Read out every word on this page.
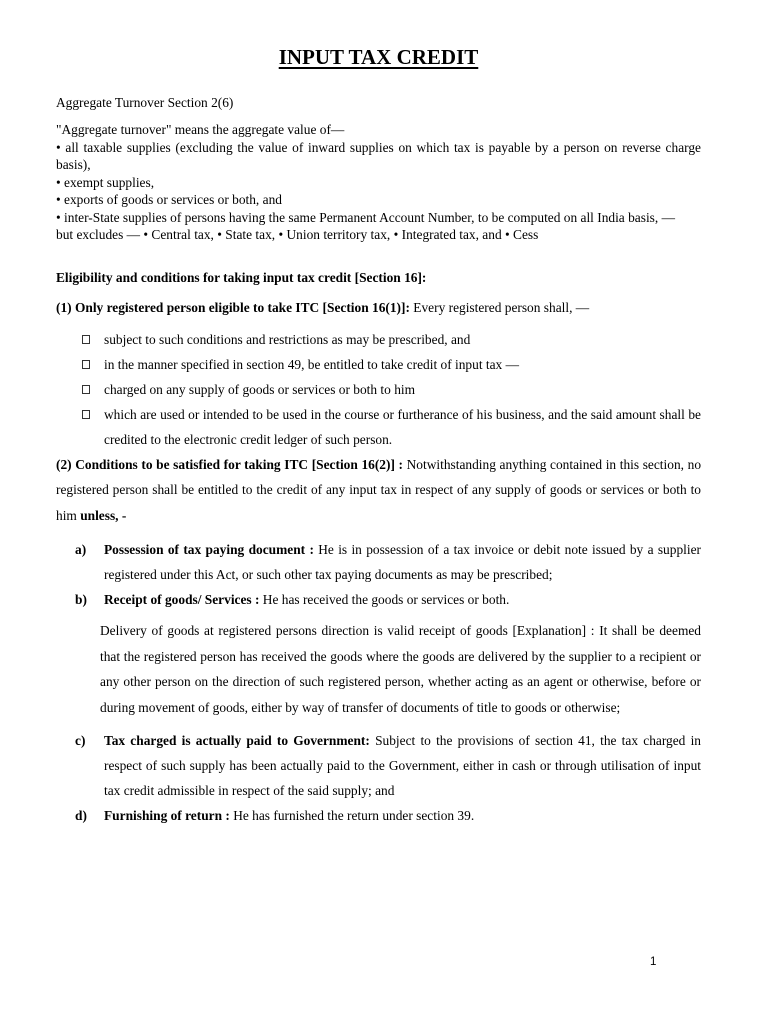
INPUT TAX CREDIT
Aggregate Turnover Section 2(6)
"Aggregate turnover" means the aggregate value of—
• all taxable supplies (excluding the value of inward supplies on which tax is payable by a person on reverse charge basis),
• exempt supplies,
• exports of goods or services or both, and
• inter-State supplies of persons having the same Permanent Account Number, to be computed on all India basis, —
but excludes — • Central tax, • State tax, • Union territory tax, • Integrated tax, and • Cess
Eligibility and conditions for taking input tax credit [Section 16]:
(1) Only registered person eligible to take ITC [Section 16(1)]: Every registered person shall, —
subject to such conditions and restrictions as may be prescribed, and
in the manner specified in section 49, be entitled to take credit of input tax —
charged on any supply of goods or services or both to him
which are used or intended to be used in the course or furtherance of his business, and the said amount shall be credited to the electronic credit ledger of such person.
(2) Conditions to be satisfied for taking ITC [Section 16(2)] : Notwithstanding anything contained in this section, no registered person shall be entitled to the credit of any input tax in respect of any supply of goods or services or both to him unless, -
a) Possession of tax paying document : He is in possession of a tax invoice or debit note issued by a supplier registered under this Act, or such other tax paying documents as may be prescribed;
b) Receipt of goods/ Services : He has received the goods or services or both.
Delivery of goods at registered persons direction is valid receipt of goods [Explanation] : It shall be deemed that the registered person has received the goods where the goods are delivered by the supplier to a recipient or any other person on the direction of such registered person, whether acting as an agent or otherwise, before or during movement of goods, either by way of transfer of documents of title to goods or otherwise;
c) Tax charged is actually paid to Government: Subject to the provisions of section 41, the tax charged in respect of such supply has been actually paid to the Government, either in cash or through utilisation of input tax credit admissible in respect of the said supply; and
d) Furnishing of return : He has furnished the return under section 39.
1
